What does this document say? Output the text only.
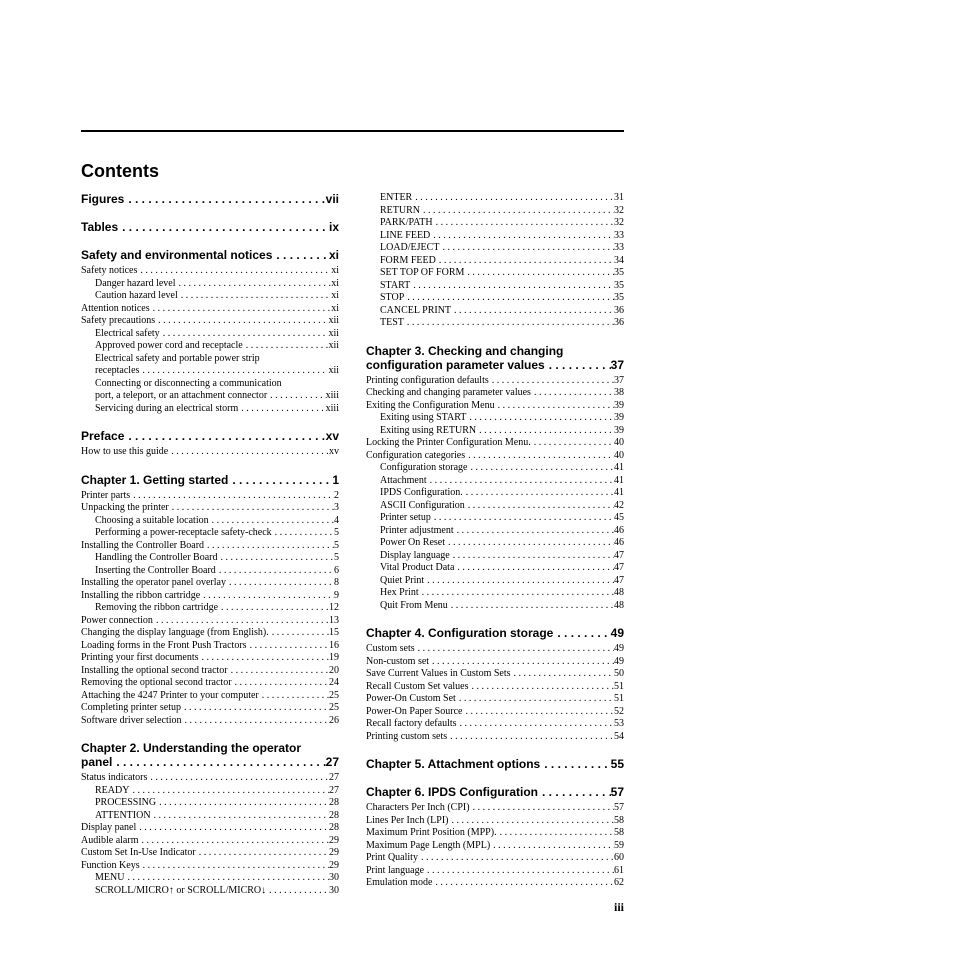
Contents
Figures . . .	vii
Tables . . .	ix
Safety and environmental notices . . .	xi
Safety notices . . .	xi
Danger hazard level . . .	xi
Caution hazard level . . .	xi
Attention notices . . .	xi
Safety precautions . . .	xii
Electrical safety . . .	xii
Approved power cord and receptacle . . .	xii
Electrical safety and portable power strip
receptacles . . .	xii
Connecting or disconnecting a communication
port, a teleport, or an attachment connector . . .	xiii
Servicing during an electrical storm . . .	xiii
Preface . . .	xv
How to use this guide . . .	xv
Chapter 1. Getting started . . .	1
Printer parts . . .	2
Unpacking the printer . . .	3
Choosing a suitable location . . .	4
Performing a power-receptacle safety-check . . .	5
Installing the Controller Board . . .	5
Handling the Controller Board . . .	5
Inserting the Controller Board . . .	6
Installing the operator panel overlay . . .	8
Installing the ribbon cartridge . . .	9
Removing the ribbon cartridge . . .	12
Power connection . . .	13
Changing the display language (from English). . . .	15
Loading forms in the Front Push Tractors . . .	16
Printing your first documents . . .	19
Installing the optional second tractor . . .	20
Removing the optional second tractor . . .	24
Attaching the 4247 Printer to your computer . . .	25
Completing printer setup . . .	25
Software driver selection . . .	26
Chapter 2. Understanding the operator
panel . . .	27
Status indicators . . .	27
READY . . .	27
PROCESSING . . .	28
ATTENTION . . .	28
Display panel . . .	28
Audible alarm . . .	29
Custom Set In-Use Indicator . . .	29
Function Keys . . .	29
MENU . . .	30
SCROLL/MICRO↑ or SCROLL/MICRO↓ . . .	30
ENTER . . .	31
RETURN . . .	32
PARK/PATH . . .	32
LINE FEED . . .	33
LOAD/EJECT . . .	33
FORM FEED . . .	34
SET TOP OF FORM . . .	35
START . . .	35
STOP . . .	35
CANCEL PRINT . . .	36
TEST . . .	36
Chapter 3. Checking and changing
configuration parameter values . . .	37
Printing configuration defaults . . .	37
Checking and changing parameter values . . .	38
Exiting the Configuration Menu . . .	39
Exiting using START . . .	39
Exiting using RETURN . . .	39
Locking the Printer Configuration Menu. . . .	40
Configuration categories . . .	40
Configuration storage . . .	41
Attachment . . .	41
IPDS Configuration. . . .	41
ASCII Configuration . . .	42
Printer setup . . .	45
Printer adjustment . . .	46
Power On Reset . . .	46
Display language . . .	47
Vital Product Data . . .	47
Quiet Print . . .	47
Hex Print . . .	48
Quit From Menu . . .	48
Chapter 4. Configuration storage . . .	49
Custom sets . . .	49
Non-custom set . . .	49
Save Current Values in Custom Sets . . .	50
Recall Custom Set values . . .	51
Power-On Custom Set . . .	51
Power-On Paper Source . . .	52
Recall factory defaults . . .	53
Printing custom sets . . .	54
Chapter 5. Attachment options . . .	55
Chapter 6. IPDS Configuration . . .	57
Characters Per Inch (CPI) . . .	57
Lines Per Inch (LPI) . . .	58
Maximum Print Position (MPP). . . .	58
Maximum Page Length (MPL) . . .	59
Print Quality . . .	60
Print language . . .	61
Emulation mode . . .	62
iii
